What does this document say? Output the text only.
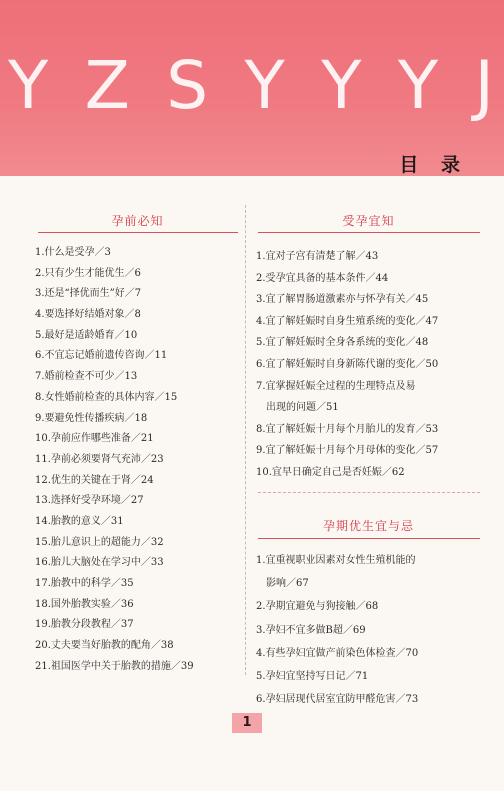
Y Z S Y Y Y J
目 录
孕前必知
1.什么是受孕／3
2.只有少生才能优生／6
3.还是“择优而生”好／7
4.要选择好结婚对象／8
5.最好是适龄婚育／10
6.不宜忘记婚前遗传咨询／11
7.婚前检查不可少／13
8.女性婚前检查的具体内容／15
9.要避免性传播疾病／18
10.孕前应作哪些准备／21
11.孕前必须要肾气充沛／23
12.优生的关键在于肾／24
13.选择好受孕环境／27
14.胎教的意义／31
15.胎儿意识上的超能力／32
16.胎儿大脑处在学习中／33
17.胎教中的科学／35
18.国外胎教实验／36
19.胎教分段教程／37
20.丈夫要当好胎教的配角／38
21.祖国医学中关于胎教的措施／39
受孕宜知
1.宜对子宫有清楚了解／43
2.受孕宜具备的基本条件／44
3.宜了解胃肠道激素亦与怀孕有关／45
4.宜了解妊娠时自身生殖系统的变化／47
5.宜了解妊娠时全身各系统的变化／48
6.宜了解妊娠时自身新陈代谢的变化／50
7.宜掌握妊娠全过程的生理特点及易
出现的问题／51
8.宜了解妊娠十月每个月胎儿的发育／53
9.宜了解妊娠十月每个月母体的变化／57
10.宜早日确定自己是否妊娠／62
孕期优生宜与忌
1.宜重视职业因素对女性生殖机能的
影响／67
2.孕期宜避免与狗接触／68
3.孕妇不宜多做B超／69
4.有些孕妇宜做产前染色体检查／70
5.孕妇宜坚持写日记／71
6.孕妇居现代居室宜防甲醛危害／73
1
